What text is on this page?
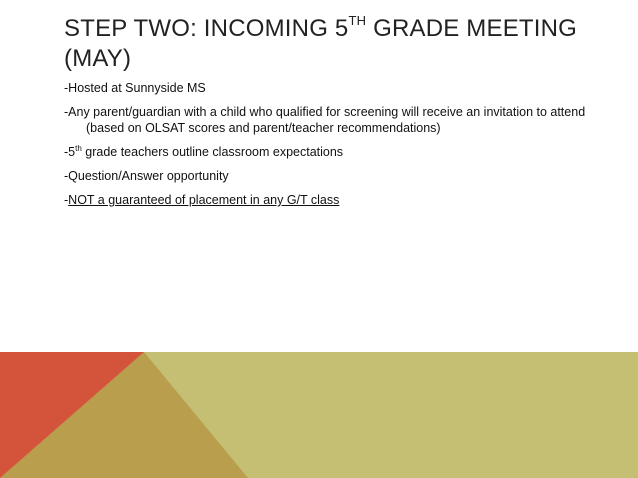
STEP TWO: INCOMING 5TH GRADE MEETING
(MAY)
-Hosted at Sunnyside MS
-Any parent/guardian with a child who qualified for screening will receive an invitation to attend (based on OLSAT scores and parent/teacher recommendations)
-5th grade teachers outline classroom expectations
-Question/Answer opportunity
-NOT a guaranteed of placement in any G/T class
